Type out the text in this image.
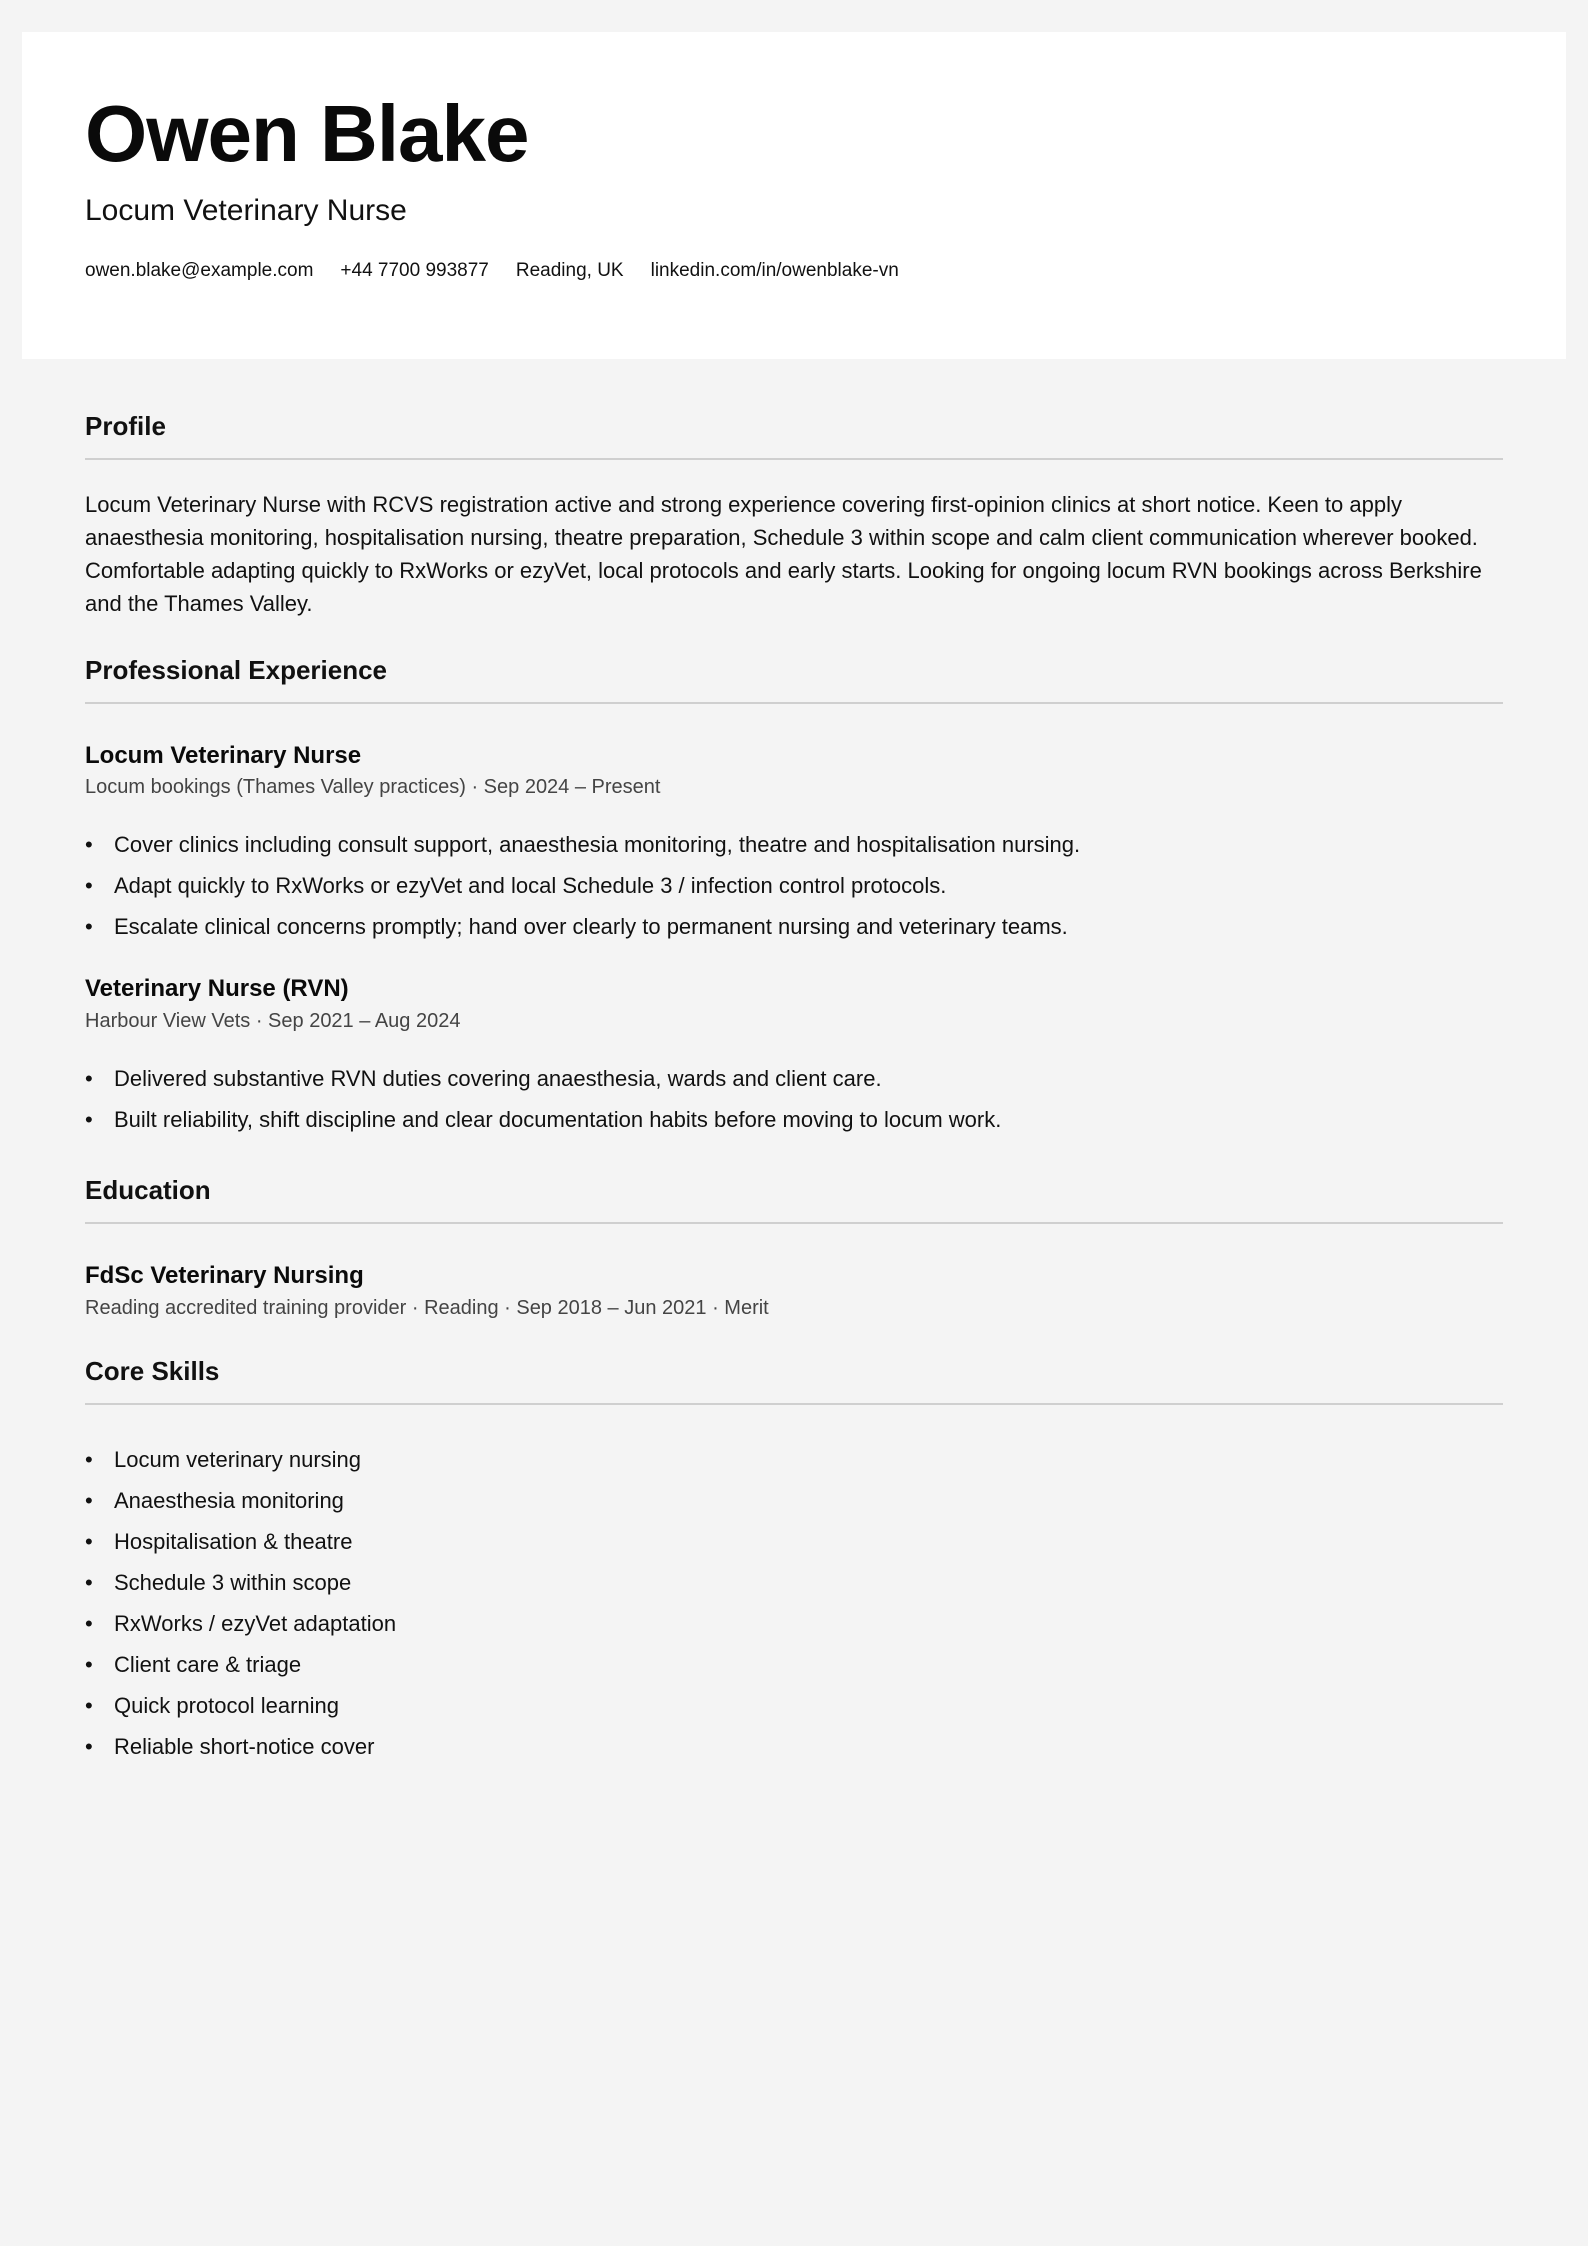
Owen Blake
Locum Veterinary Nurse
owen.blake@example.com +44 7700 993877 Reading, UK linkedin.com/in/owenblake-vn
Profile

Locum Veterinary Nurse with RCVS registration active and strong experience covering first-opinion clinics at short notice. Keen to apply anaesthesia monitoring, hospitalisation nursing, theatre preparation, Schedule 3 within scope and calm client communication wherever booked. Comfortable adapting quickly to RxWorks or ezyVet, local protocols and early starts. Looking for ongoing locum RVN bookings across Berkshire and the Thames Valley.

Professional Experience
Locum Veterinary Nurse
Locum bookings (Thames Valley practices) · Sep 2024 – Present
• Cover clinics including consult support, anaesthesia monitoring, theatre and hospitalisation nursing.
• Adapt quickly to RxWorks or ezyVet and local Schedule 3 / infection control protocols.
• Escalate clinical concerns promptly; hand over clearly to permanent nursing and veterinary teams.
Veterinary Nurse (RVN)
Harbour View Vets · Sep 2021 – Aug 2024
• Delivered substantive RVN duties covering anaesthesia, wards and client care.
• Built reliability, shift discipline and clear documentation habits before moving to locum work.
Education
FdSc Veterinary Nursing
Reading accredited training provider · Reading · Sep 2018 – Jun 2021 · Merit
Core Skills
• Locum veterinary nursing
• Anaesthesia monitoring
• Hospitalisation & theatre
• Schedule 3 within scope
• RxWorks / ezyVet adaptation
• Client care & triage
• Quick protocol learning
• Reliable short-notice cover
